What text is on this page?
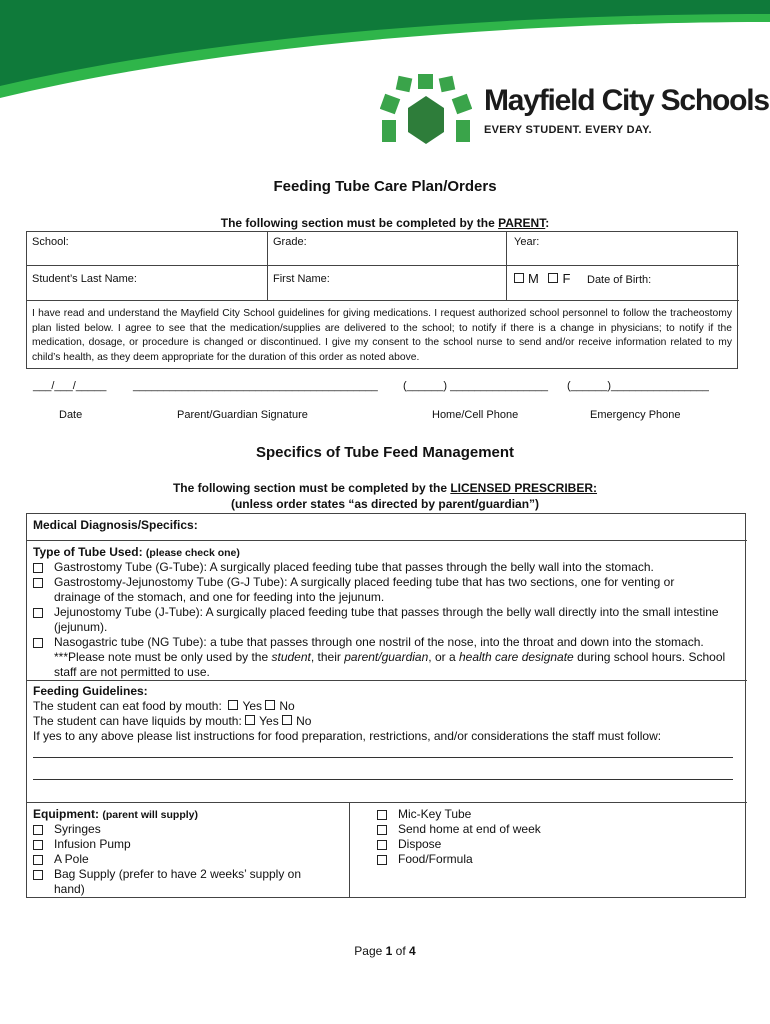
Mayfield City Schools
EVERY STUDENT. EVERY DAY.
Feeding Tube Care Plan/Orders
The following section must be completed by the PARENT:
School:	Grade:	Year:
Student’s Last Name:	First Name:	M F Date of Birth:
I have read and understand the Mayfield City School guidelines for giving medications. I request authorized school personnel to follow the tracheostomy plan listed below. I agree to see that the medication/supplies are delivered to the school; to notify if there is a change in physicians; to notify if the medication, dosage, or procedure is changed or discontinued. I give my consent to the school nurse to send and/or receive information related to my child’s health, as they deem appropriate for the duration of this order as noted above.
___/___/_____ ________________________________________ (______) ________________ (______)________________
Date	Parent/Guardian Signature	Home/Cell Phone	Emergency Phone
Specifics of Tube Feed Management
The following section must be completed by the LICENSED PRESCRIBER:
(unless order states “as directed by parent/guardian”)
Medical Diagnosis/Specifics:
Type of Tube Used: (please check one)
Gastrostomy Tube (G-Tube): A surgically placed feeding tube that passes through the belly wall into the stomach.
Gastrostomy-Jejunostomy Tube (G-J Tube): A surgically placed feeding tube that has two sections, one for venting or drainage of the stomach, and one for feeding into the jejunum.
Jejunostomy Tube (J-Tube): A surgically placed feeding tube that passes through the belly wall directly into the small intestine (jejunum).
Nasogastric tube (NG Tube): a tube that passes through one nostril of the nose, into the throat and down into the stomach. ***Please note must be only used by the student, their parent/guardian, or a health care designate during school hours. School staff are not permitted to use.
Feeding Guidelines:
The student can eat food by mouth: Yes No
The student can have liquids by mouth: Yes No
If yes to any above please list instructions for food preparation, restrictions, and/or considerations the staff must follow:
Equipment: (parent will supply)
Syringes
Infusion Pump
A Pole
Bag Supply (prefer to have 2 weeks’ supply on hand)
Mic-Key Tube
Send home at end of week
Dispose
Food/Formula
Page 1 of 4
